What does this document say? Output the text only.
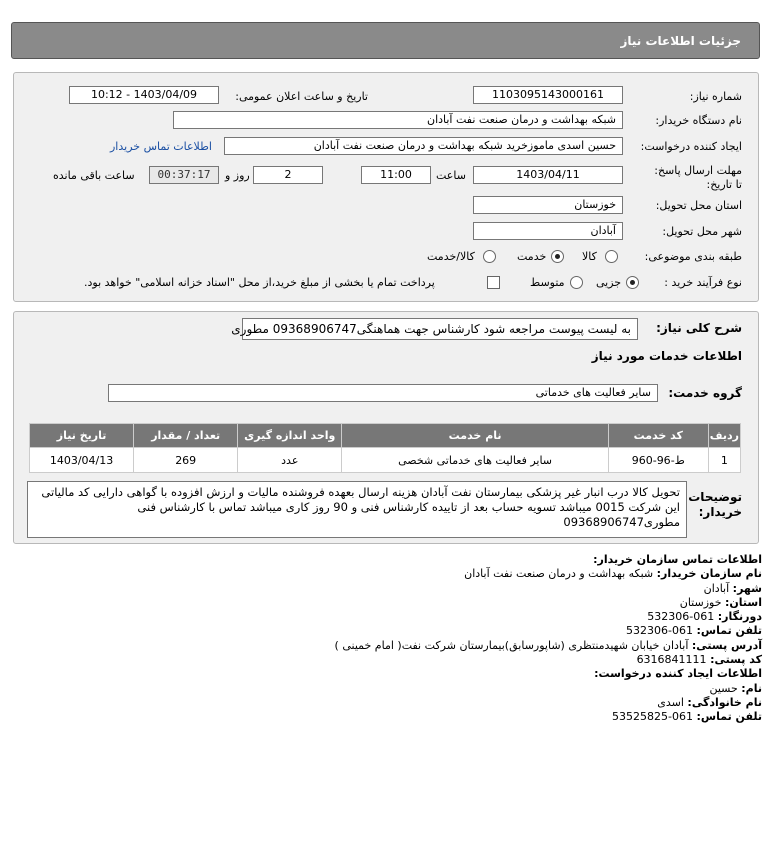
جزئیات اطلاعات نیاز
شماره نیاز:
1103095143000161
تاریخ و ساعت اعلان عمومی:
1403/04/09 - 10:12
نام دستگاه خریدار:
شبکه بهداشت و درمان صنعت نفت آبادان
ایجاد کننده درخواست:
حسین اسدی ماموزخرید شبکه بهداشت و درمان صنعت نفت آبادان
اطلاعات تماس خریدار
مهلت ارسال پاسخ: تا تاریخ:
1403/04/11
ساعت
11:00
2
روز و
00:37:17
ساعت باقی مانده
استان محل تحویل:
خوزستان
شهر محل تحویل:
آبادان
طبقه بندی موضوعی:
کالا
خدمت
کالا/خدمت
نوع فرآیند خرید :
جزیی
متوسط
پرداخت تمام یا بخشی از مبلغ خرید،از محل "اسناد خزانه اسلامی" خواهد بود.
شرح کلی نیاز:
به لیست پیوست مراجعه شود کارشناس جهت هماهنگی09368906747 مطوری
اطلاعات خدمات مورد نیاز
گروه خدمت:
سایر فعالیت های خدماتی
ردیف	کد خدمت	نام خدمت	واحد اندازه گیری	تعداد / مقدار	تاریخ نیاز
1	ط-96-960	سایر فعالیت های خدماتی شخصی	عدد	269	1403/04/13
توضیحات خریدار:
تحویل کالا درب انبار غیر پزشکی بیمارستان نفت آبادان هزینه ارسال بعهده فروشنده مالیات و ارزش افزوده با گواهی دارایی کد مالیاتی این شرکت 0015 میباشد تسویه حساب بعد از تاییده کارشناس فنی و 90 روز کاری میباشد تماس با کارشناس فنی مطوری09368906747
اطلاعات تماس سازمان خریدار:
نام سازمان خریدار: شبکه بهداشت و درمان صنعت نفت آبادان
شهر: آبادان
استان: خوزستان
دورنگار: 061-532306
تلفن تماس: 061-532306
آدرس پستی: آبادان خیابان شهیدمنتظری (شاپورسابق)بیمارستان شرکت نفت( امام خمینی )
کد پستی: 6316841111
اطلاعات ایجاد کننده درخواست:
نام: حسین
نام خانوادگی: اسدی
تلفن تماس: 061-53525825
